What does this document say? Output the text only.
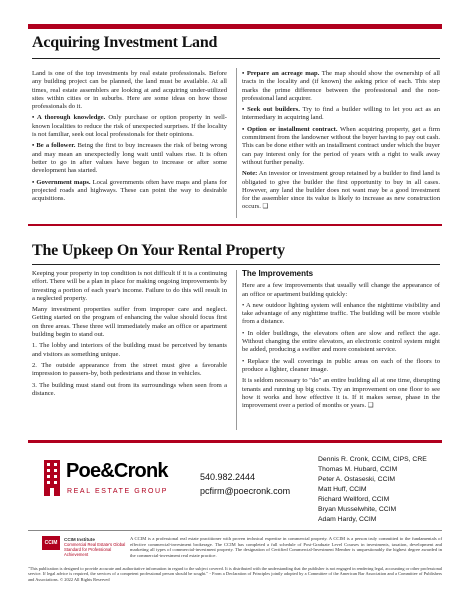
Acquiring Investment Land

Land is one of the top investments by real estate professionals. Before any building project can be planned, the land must be available. At all times, real estate assemblers are looking at and acquiring under-utilized sites within cities or in suburbs. Here are some ideas on how those professionals do it.

• A thorough knowledge. Only purchase or option property in well-known localities to reduce the risk of unexpected surprises. If the locality is not familiar, seek out local professionals for their opinions.

• Be a follower. Being the first to buy increases the risk of being wrong and may mean an unexpectedly long wait until values rise. It is often better to go in after values have begun to increase or after some development has started.

• Government maps. Local governments often have maps and plans for projected roads and highways. These can point the way to desirable acquisitions.

• Prepare an acreage map. The map should show the ownership of all tracts in the locality and (if known) the asking price of each. This step marks the prime difference between the professional and the non-professional land acquirer.

• Seek out builders. Try to find a builder willing to let you act as an intermediary in acquiring land.

• Option or installment contract. When acquiring property, get a firm commitment from the landowner without the buyer having to pay out cash. This can be done either with an installment contract under which the buyer can pay interest only for the period of years with a right to walk away without further penalty.

Note: An investor or investment group retained by a builder to find land is obligated to give the builder the first opportunity to buy in all cases. However, any land the builder does not want may be a good investment for the assembler since its value is likely to increase as new construction occurs. ❑

The Upkeep On Your Rental Property

Keeping your property in top condition is not difficult if it is a continuing effort. There will be a plan in place for making ongoing improvements by investing a portion of each year's income. Failure to do this will result in a neglected property.

Many investment properties suffer from improper care and neglect. Getting started on the program of enhancing the value should focus first on three areas. These three will immediately make an office or apartment building begin to stand out.

1. The lobby and interiors of the building must be perceived by tenants and visitors as something unique.

2. The outside appearance from the street must give a favorable impression to passers-by, both pedestrians and those in vehicles.

3. The building must stand out from its surroundings when seen from a distance.

The Improvements

Here are a few improvements that usually will change the appearance of an office or apartment building quickly:

• A new outdoor lighting system will enhance the nighttime visibility and take advantage of any nighttime traffic. The building will be more visible from a distance.

• In older buildings, the elevators often are slow and reflect the age. Without changing the entire elevators, an electronic control system might be added, producing a swifter and more consistent service.

• Replace the wall coverings in public areas on each of the floors to produce a lighter, cleaner image.

It is seldom necessary to "do" an entire building all at one time, disrupting tenants and running up big costs. Try an improvement on one floor to see how it works and how effective it is. If it makes sense, phase in the improvement over a period of months or years. ❑

Poe&Cronk
REAL ESTATE GROUP
540.982.2444
pcfirm@poecronk.com
Dennis R. Cronk, CCIM, CIPS, CRE
Thomas M. Hubard, CCIM
Peter A. Ostaseski, CCIM
Matt Huff, CCIM
Richard Wellford, CCIM
Bryan Musselwhite, CCIM
Adam Hardy, CCIM
CCIM
CCIM Institute
Commercial Real Estate's Global Standard for Professional Achievement
A CCIM is a professional real estate practitioner with proven technical expertise in commercial property. A CCIM is a person truly committed to the fundamentals of effective commercial-investment brokerage. The CCIM has completed a full schedule of Post-Graduate Level Courses in investments, taxation, development and marketing all types of commercial-investment property. The designation of Certified Commercial-Investment Member is unquestionably the highest degree awarded in the commercial-investment real estate practice.
"This publication is designed to provide accurate and authoritative information in regard to the subject covered. It is distributed with the understanding that the publisher is not engaged in rendering legal, accounting or other professional service. If legal advice is required, the services of a competent professional person should be sought." - From a Declaration of Principles jointly adopted by a Committee of the American Bar Association and a Committee of Publishers and Associations. © 2022 All Rights Reserved
